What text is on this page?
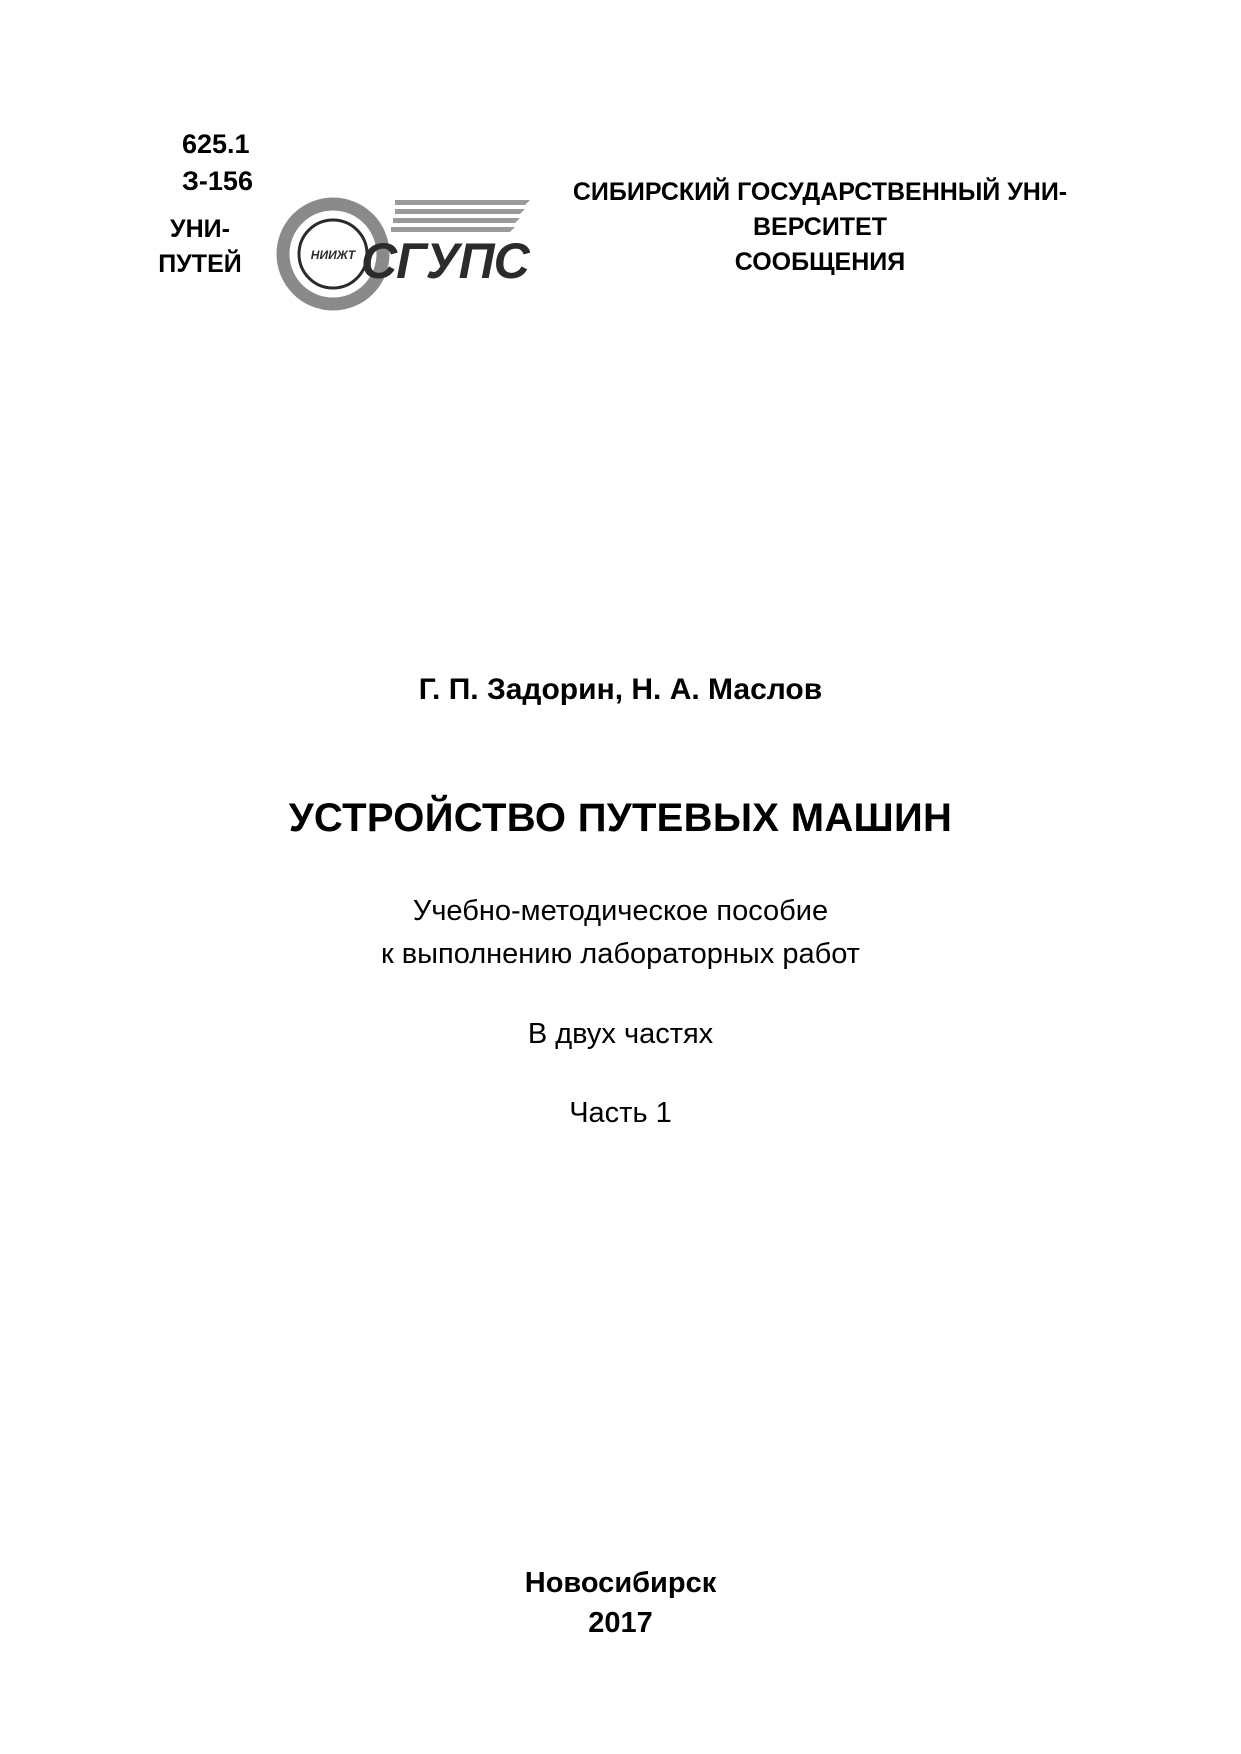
625.1
З-156
УНИ-
ПУТЕЙ	НИИЖТ СГУПС
СИБИРСКИЙ ГОСУДАРСТВЕННЫЙ УНИ-
ВЕРСИТЕТ
СООБЩЕНИЯ
Г. П. Задорин, Н. А. Маслов
УСТРОЙСТВО ПУТЕВЫХ МАШИН
Учебно-методическое пособие
к выполнению лабораторных работ
В двух частях
Часть 1
Новосибирск
2017
